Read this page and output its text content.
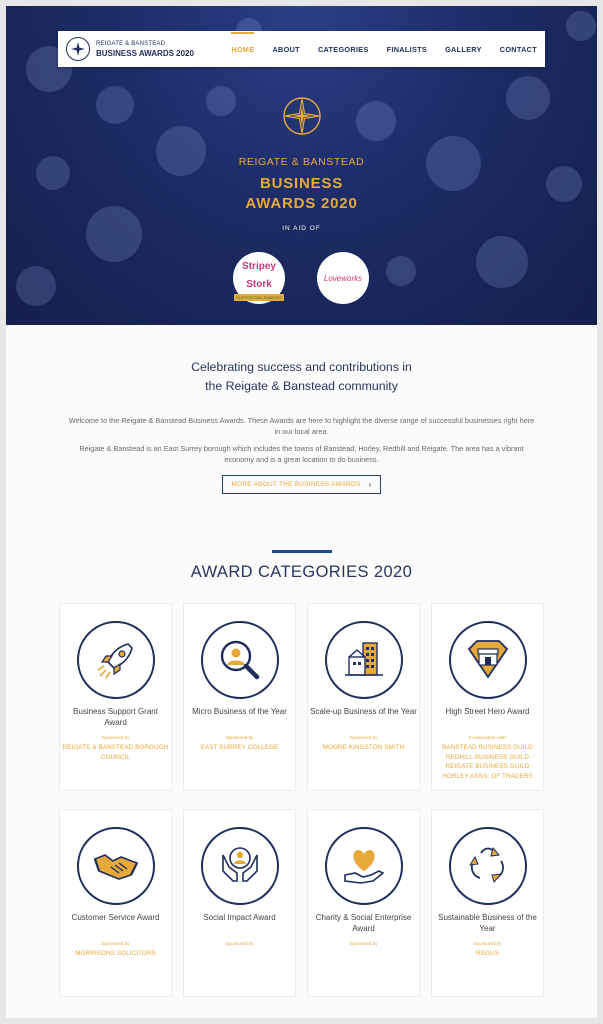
REIGATE & BANSTEAD
BUSINESS AWARDS 2020	HOME ABOUT CATEGORIES FINALISTS GALLERY CONTACT
REIGATE & BANSTEAD
BUSINESS
AWARDS 2020
IN AID OF
Stripey
Stork
SUPPORTING FAMILIES
Loveworks
Celebrating success and contributions in
the Reigate & Banstead community
Welcome to the Reigate & Banstead Business Awards. These Awards are here to highlight the diverse range of successful businesses right here in our local area.
Reigate & Banstead is an East Surrey borough which includes the towns of Banstead, Horley, Redhill and Reigate. The area has a vibrant economy and is a great location to do business.
MORE ABOUT THE BUSINESS AWARDS ›
AWARD CATEGORIES 2020
Business Support Grant Award
Sponsored by
REIGATE & BANSTEAD BOROUGH COUNCIL
Micro Business of the Year
Sponsored by
EAST SURREY COLLEGE
Scale-up Business of the Year
Sponsored by
MOORE KINGSTON SMITH
High Street Hero Award
In association with
BANSTEAD BUSINESS GUILD REDHILL BUSINESS GUILD REIGATE BUSINESS GUILD HORLEY ASSN. OF TRADERS
Customer Service Award
Sponsored by
MORRISONS SOLICITORS
Social Impact Award
Sponsored by
Charity & Social Enterprise Award
Sponsored by
Sustainable Business of the Year
Sponsored by
REGUS
